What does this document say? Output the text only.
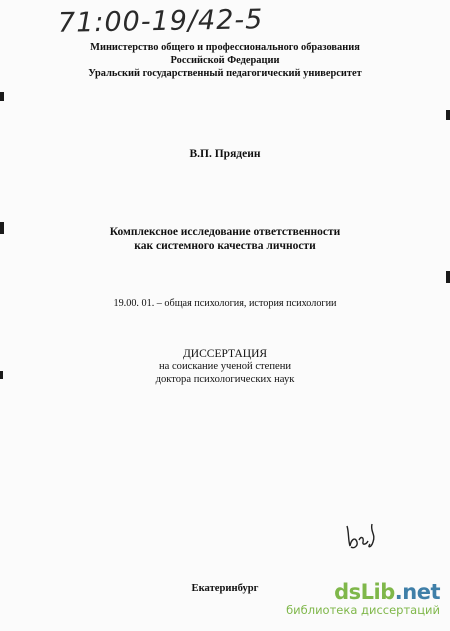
71:00-19/42-5
Министерство общего и профессионального образования
Российской Федерации
Уральский государственный педагогический университет
В.П. Прядеин
Комплексное исследование ответственности
как системного качества личности
19.00. 01. – общая психология, история психологии
ДИССЕРТАЦИЯ
на соискание ученой степени
доктора психологических наук
Екатеринбург	dsLib.net
библиотека диссертаций
